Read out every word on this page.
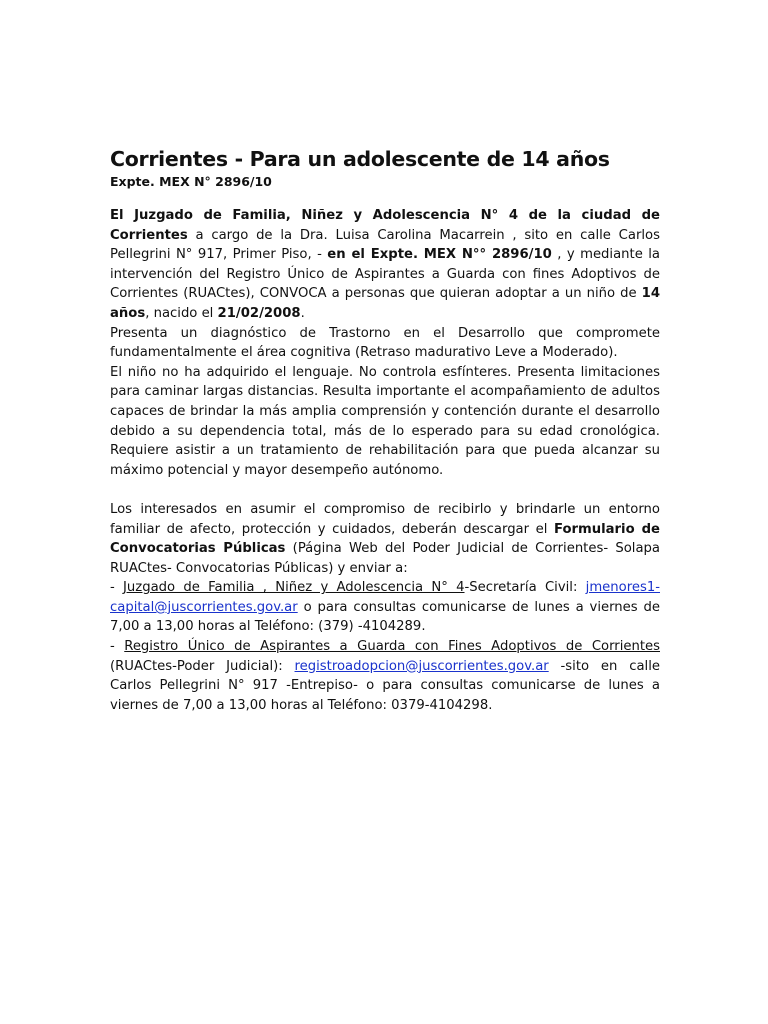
Corrientes - Para un adolescente de 14 años
Expte. MEX N° 2896/10

El Juzgado de Familia, Niñez y Adolescencia N° 4 de la ciudad de Corrientes a cargo de la Dra. Luisa Carolina Macarrein , sito en calle Carlos Pellegrini N° 917, Primer Piso, - en el Expte. MEX N°° 2896/10 , y mediante la intervención del Registro Único de Aspirantes a Guarda con fines Adoptivos de Corrientes (RUACtes), CONVOCA a personas que quieran adoptar a un niño de 14 años, nacido el 21/02/2008.

Presenta un diagnóstico de Trastorno en el Desarrollo que compromete fundamentalmente el área cognitiva (Retraso madurativo Leve a Moderado).

El niño no ha adquirido el lenguaje. No controla esfínteres. Presenta limitaciones para caminar largas distancias. Resulta importante el acompañamiento de adultos capaces de brindar la más amplia comprensión y contención durante el desarrollo debido a su dependencia total, más de lo esperado para su edad cronológica. Requiere asistir a un tratamiento de rehabilitación para que pueda alcanzar su máximo potencial y mayor desempeño autónomo.

Los interesados en asumir el compromiso de recibirlo y brindarle un entorno familiar de afecto, protección y cuidados, deberán descargar el Formulario de Convocatorias Públicas (Página Web del Poder Judicial de Corrientes- Solapa RUACtes- Convocatorias Públicas) y enviar a:

- Juzgado de Familia , Niñez y Adolescencia N° 4-Secretaría Civil: jmenores1-capital@juscorrientes.gov.ar o para consultas comunicarse de lunes a viernes de 7,00 a 13,00 horas al Teléfono: (379) -4104289.

- Registro Único de Aspirantes a Guarda con Fines Adoptivos de Corrientes (RUACtes-Poder Judicial): registroadopcion@juscorrientes.gov.ar -sito en calle Carlos Pellegrini N° 917 -Entrepiso- o para consultas comunicarse de lunes a viernes de 7,00 a 13,00 horas al Teléfono: 0379-4104298.
